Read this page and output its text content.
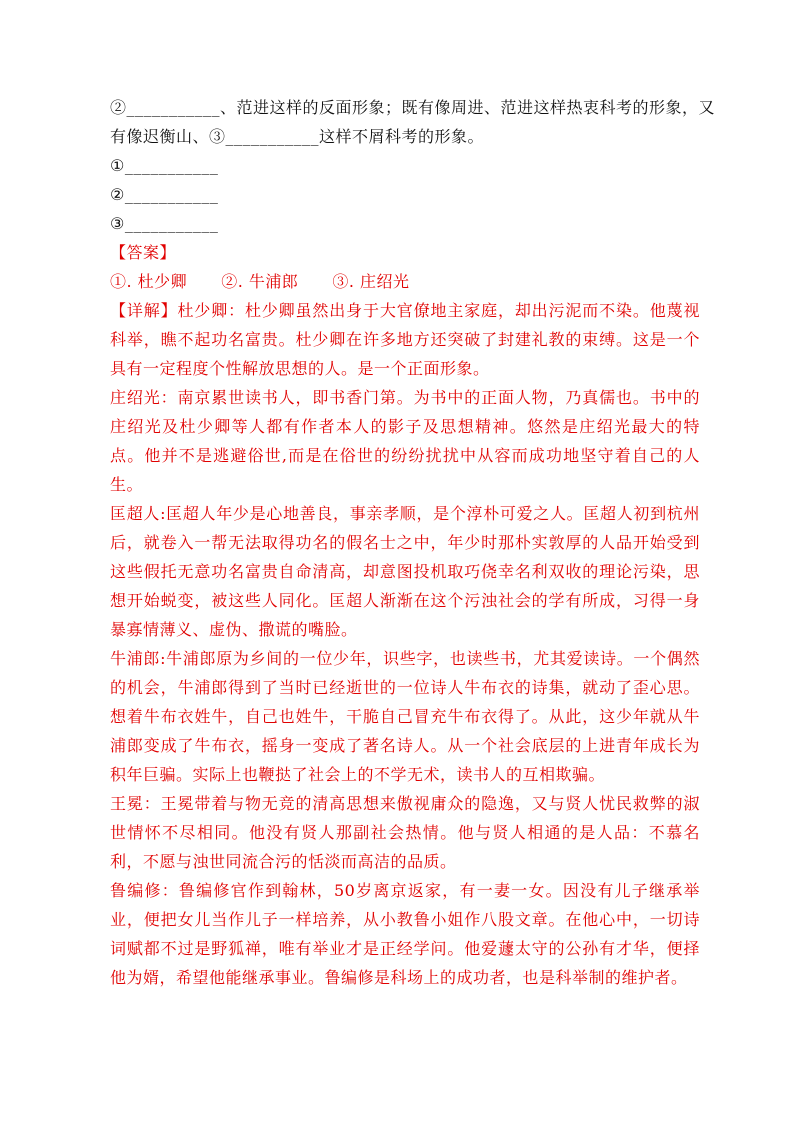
②___________、范进这样的反面形象；既有像周进、范进这样热衷科考的形象，又
有像迟衡山、③___________这样不屑科考的形象。
①___________
②___________
③___________
【答案】
①. 杜少卿 ②. 牛浦郎 ③. 庄绍光
【详解】杜少卿：杜少卿虽然出身于大官僚地主家庭，却出污泥而不染。他蔑视科举，瞧不起功名富贵。杜少卿在许多地方还突破了封建礼教的束缚。这是一个具有一定程度个性解放思想的人。是一个正面形象。
庄绍光：南京累世读书人，即书香门第。为书中的正面人物，乃真儒也。书中的庄绍光及杜少卿等人都有作者本人的影子及思想精神。悠然是庄绍光最大的特点。他并不是逃避俗世,而是在俗世的纷纷扰扰中从容而成功地坚守着自己的人生。
匡超人:匡超人年少是心地善良，事亲孝顺，是个淳朴可爱之人。匡超人初到杭州后，就卷入一帮无法取得功名的假名士之中，年少时那朴实敦厚的人品开始受到这些假托无意功名富贵自命清高，却意图投机取巧侥幸名利双收的理论污染，思想开始蜕变，被这些人同化。匡超人渐渐在这个污浊社会的学有所成，习得一身暴寡情薄义、虚伪、撒谎的嘴脸。
牛浦郎:牛浦郎原为乡间的一位少年，识些字，也读些书，尤其爱读诗。一个偶然的机会，牛浦郎得到了当时已经逝世的一位诗人牛布衣的诗集，就动了歪心思。想着牛布衣姓牛，自己也姓牛，干脆自己冒充牛布衣得了。从此，这少年就从牛浦郎变成了牛布衣，摇身一变成了著名诗人。从一个社会底层的上进青年成长为积年巨骗。实际上也鞭挞了社会上的不学无术，读书人的互相欺骗。
王冕：王冕带着与物无竞的清高思想来傲视庸众的隐逸，又与贤人忧民救弊的淑世情怀不尽相同。他没有贤人那副社会热情。他与贤人相通的是人品：不慕名利，不愿与浊世同流合污的恬淡而高洁的品质。
鲁编修：鲁编修官作到翰林，50岁离京返家，有一妻一女。因没有儿子继承举业，便把女儿当作儿子一样培养，从小教鲁小姐作八股文章。在他心中，一切诗词赋都不过是野狐禅，唯有举业才是正经学问。他爱蘧太守的公孙有才华，便择他为婿，希望他能继承事业。鲁编修是科场上的成功者，也是科举制的维护者。
